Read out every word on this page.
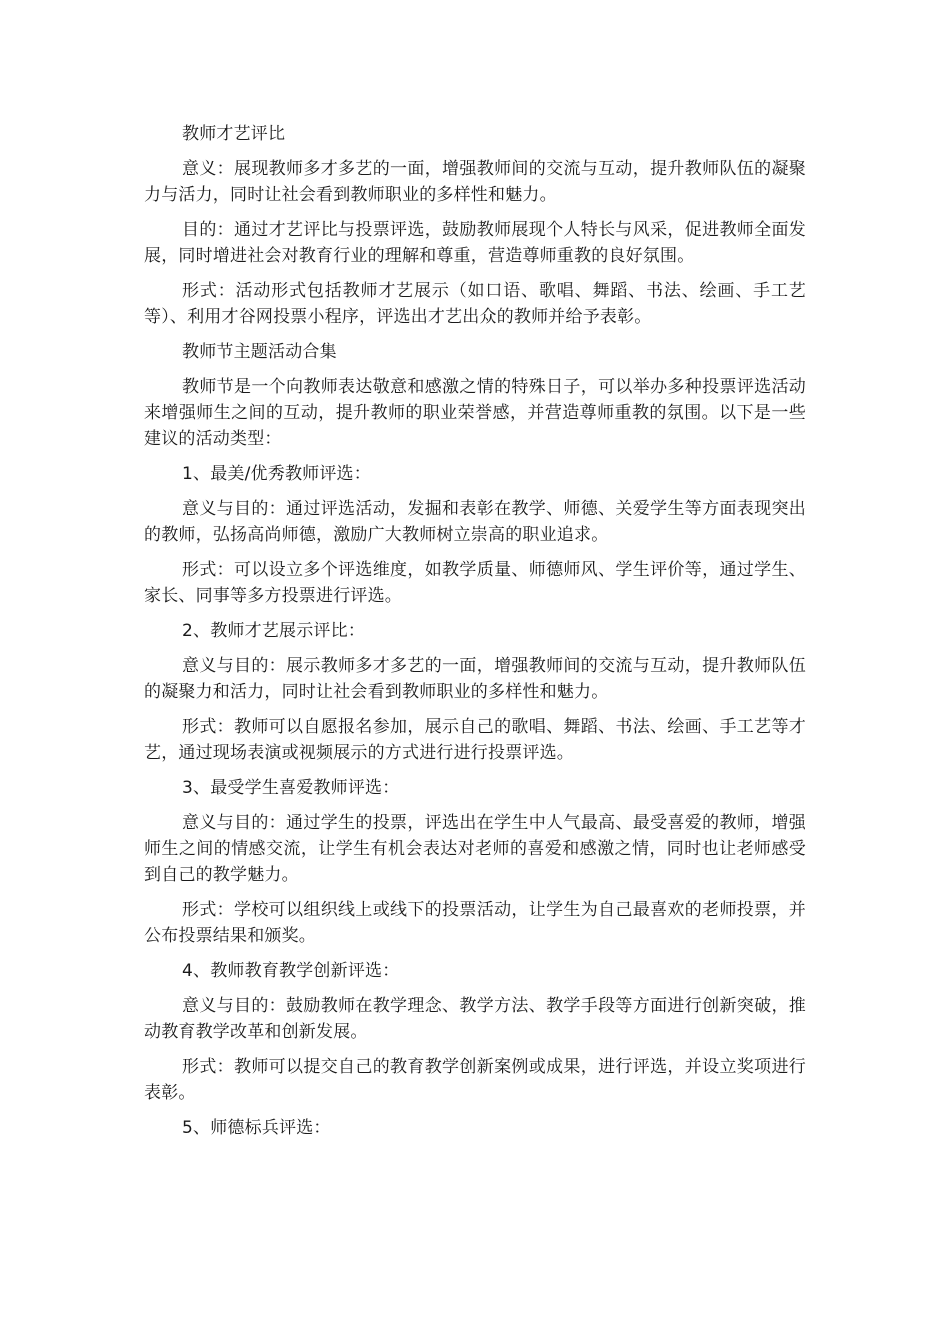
教师才艺评比

意义：展现教师多才多艺的一面，增强教师间的交流与互动，提升教师队伍的凝聚力与活力，同时让社会看到教师职业的多样性和魅力。

目的：通过才艺评比与投票评选，鼓励教师展现个人特长与风采，促进教师全面发展，同时增进社会对教育行业的理解和尊重，营造尊师重教的良好氛围。

形式：活动形式包括教师才艺展示（如口语、歌唱、舞蹈、书法、绘画、手工艺等）、利用才谷网投票小程序，评选出才艺出众的教师并给予表彰。

教师节主题活动合集

教师节是一个向教师表达敬意和感激之情的特殊日子，可以举办多种投票评选活动来增强师生之间的互动，提升教师的职业荣誉感，并营造尊师重教的氛围。以下是一些建议的活动类型：

1、最美/优秀教师评选：

意义与目的：通过评选活动，发掘和表彰在教学、师德、关爱学生等方面表现突出的教师，弘扬高尚师德，激励广大教师树立崇高的职业追求。

形式：可以设立多个评选维度，如教学质量、师德师风、学生评价等，通过学生、家长、同事等多方投票进行评选。

2、教师才艺展示评比：

意义与目的：展示教师多才多艺的一面，增强教师间的交流与互动，提升教师队伍的凝聚力和活力，同时让社会看到教师职业的多样性和魅力。

形式：教师可以自愿报名参加，展示自己的歌唱、舞蹈、书法、绘画、手工艺等才艺，通过现场表演或视频展示的方式进行进行投票评选。

3、最受学生喜爱教师评选：

意义与目的：通过学生的投票，评选出在学生中人气最高、最受喜爱的教师，增强师生之间的情感交流，让学生有机会表达对老师的喜爱和感激之情，同时也让老师感受到自己的教学魅力。

形式：学校可以组织线上或线下的投票活动，让学生为自己最喜欢的老师投票，并公布投票结果和颁奖。

4、教师教育教学创新评选：

意义与目的：鼓励教师在教学理念、教学方法、教学手段等方面进行创新突破，推动教育教学改革和创新发展。

形式：教师可以提交自己的教育教学创新案例或成果，进行评选，并设立奖项进行表彰。

5、师德标兵评选：
